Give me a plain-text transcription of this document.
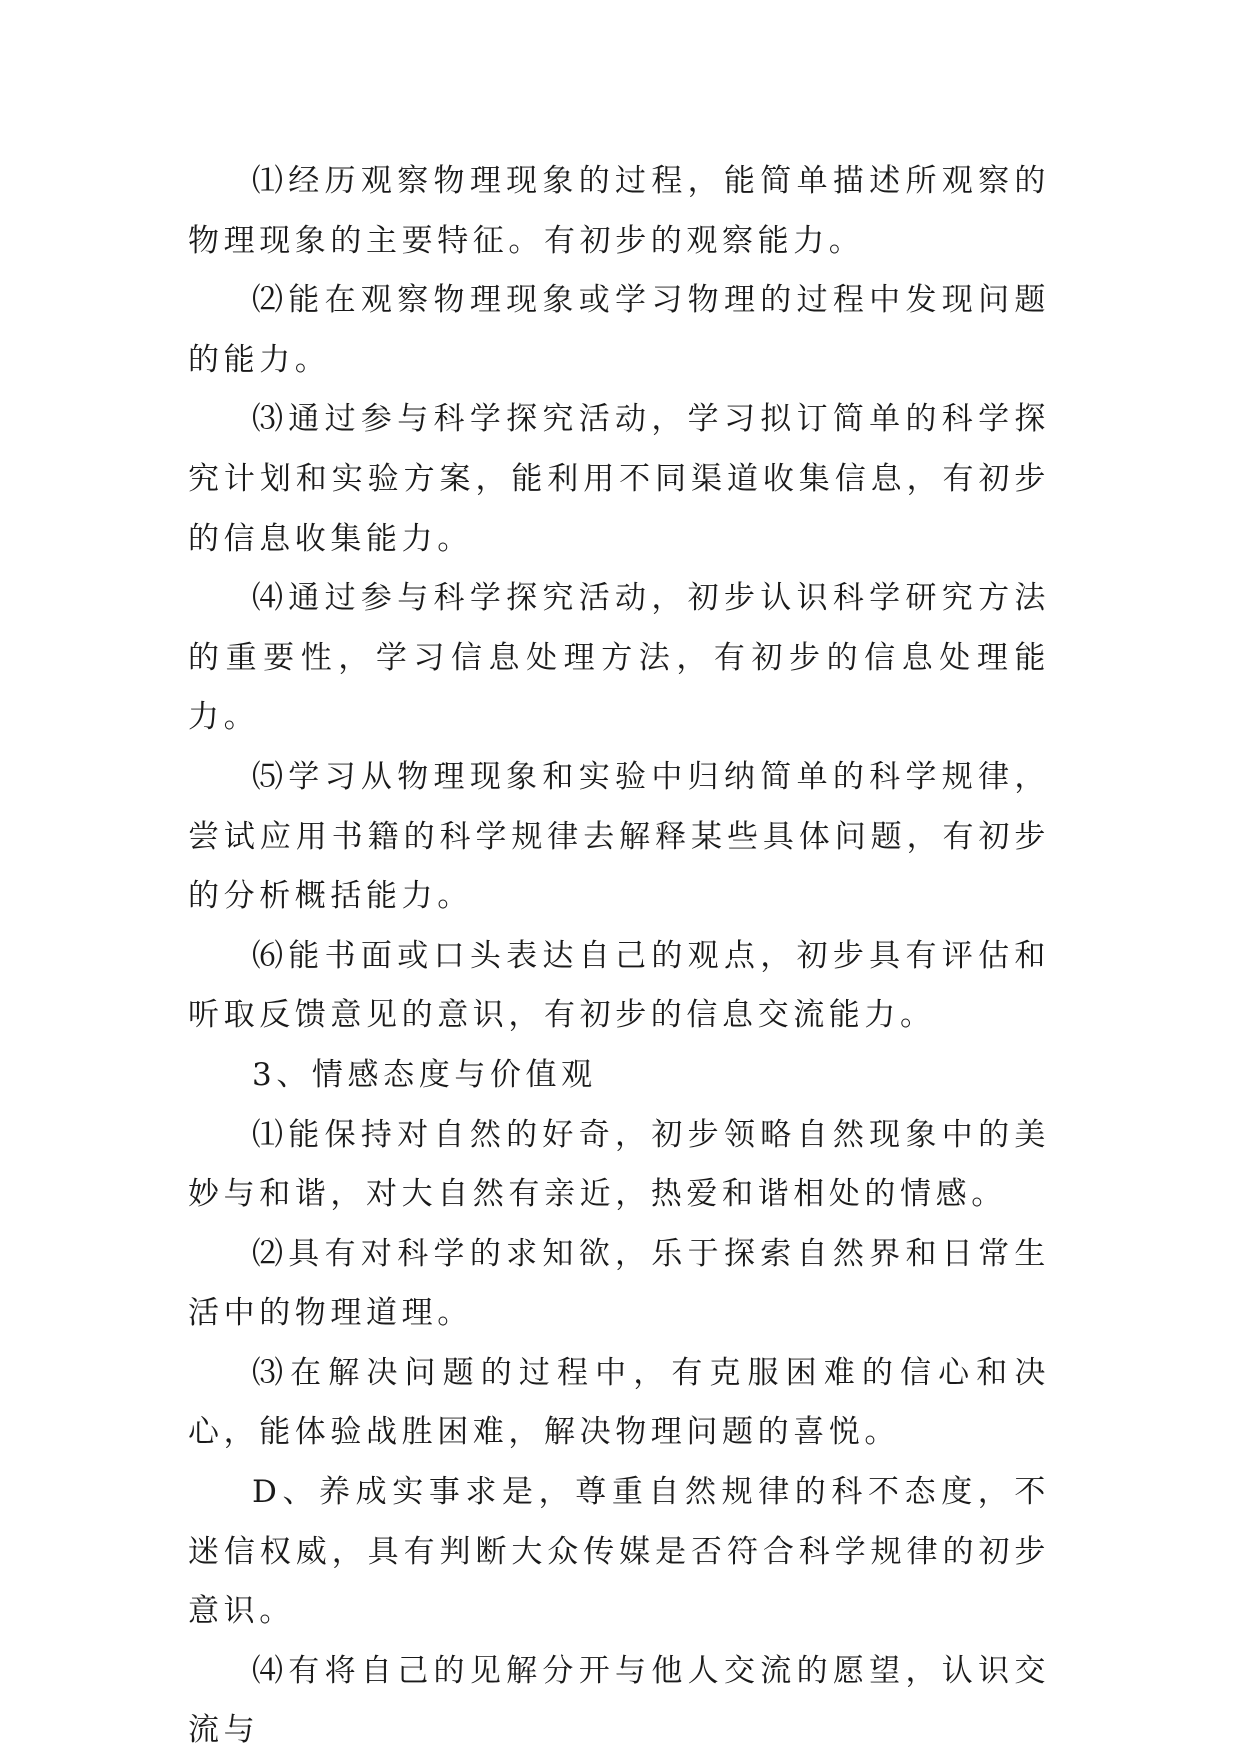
⑴经历观察物理现象的过程，能简单描述所观察的物理现象的主要特征。有初步的观察能力。

⑵能在观察物理现象或学习物理的过程中发现问题的能力。

⑶通过参与科学探究活动，学习拟订简单的科学探究计划和实验方案，能利用不同渠道收集信息，有初步的信息收集能力。

⑷通过参与科学探究活动，初步认识科学研究方法的重要性，学习信息处理方法，有初步的信息处理能力。

⑸学习从物理现象和实验中归纳简单的科学规律，尝试应用书籍的科学规律去解释某些具体问题，有初步的分析概括能力。

⑹能书面或口头表达自己的观点，初步具有评估和听取反馈意见的意识，有初步的信息交流能力。

3、情感态度与价值观

⑴能保持对自然的好奇，初步领略自然现象中的美妙与和谐，对大自然有亲近，热爱和谐相处的情感。

⑵具有对科学的求知欲，乐于探索自然界和日常生活中的物理道理。

⑶在解决问题的过程中，有克服困难的信心和决心，能体验战胜困难，解决物理问题的喜悦。

D、养成实事求是，尊重自然规律的科不态度，不迷信权威，具有判断大众传媒是否符合科学规律的初步意识。

⑷有将自己的见解分开与他人交流的愿望，认识交流与
